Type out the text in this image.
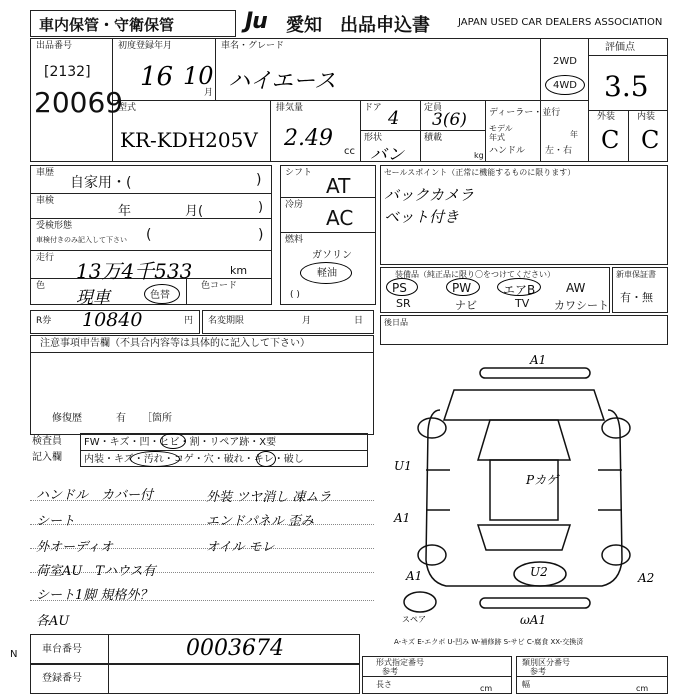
車内保管・守衛保管	Ju 愛知 出品申込書	JAPAN USED CAR DEALERS ASSOCIATION
出品番号
[2132]
20069
初度登録年月
16 10
月
車名・グレード
ハイエース
2WD
4WD
評価点
3.5
外装 内装
C C
型式
KR-KDH205V
排気量
2.49
cc
ドア 4	定員
3(6)
形状
バン
積載
kg
ディーラー・並行
モデル
年式	年
ハンドル 左・右
車歴
自家用・(	)
車検
年	月(	)
受検形態
車検付きのみ記入して下さい (	)
走行
13万4千533	km
色
現車	色替
色コード
シフト
AT
冷房
AC
燃料
ガソリン
軽油
( )
セールスポイント（正常に機能するものに限ります）
バックカメラ
ベット付き
装備品（純正品に限り〇をつけてください）
PS	PW	エアB	AW
SR	ナビ	TV カワシート
新車保証書
有・無
R券 10840	円 名変期限	月	日	後日品
注意事項申告欄（不具合内容等は具体的に記入して下さい）
修復歴	有 ［箇所
検査員
記入欄
FW・キズ・凹・ヒビ・割・リペア跡・X要
内装・キズ・汚れ・コゲ・穴・破れ・キレ・破し
ハンドル　カバー付
シート
外オーディオ
荷室AU　Tハウス有
シート1脚 規格外？
各AU
外装 ツヤ消し 凍ムラ
エンドパネル 歪み
オイル モレ
A1
U1
A1
A1
Pカゲ
U2	A2
ωA1
スペア
A-キズ E-エクボ U-凹み W-補修跡 S-サビ C-腐食 XX-交換済
N 車台番号	0003674
登録番号
形式指定番号
参考
長さ	cm
類別区分番号
参考
幅	cm
